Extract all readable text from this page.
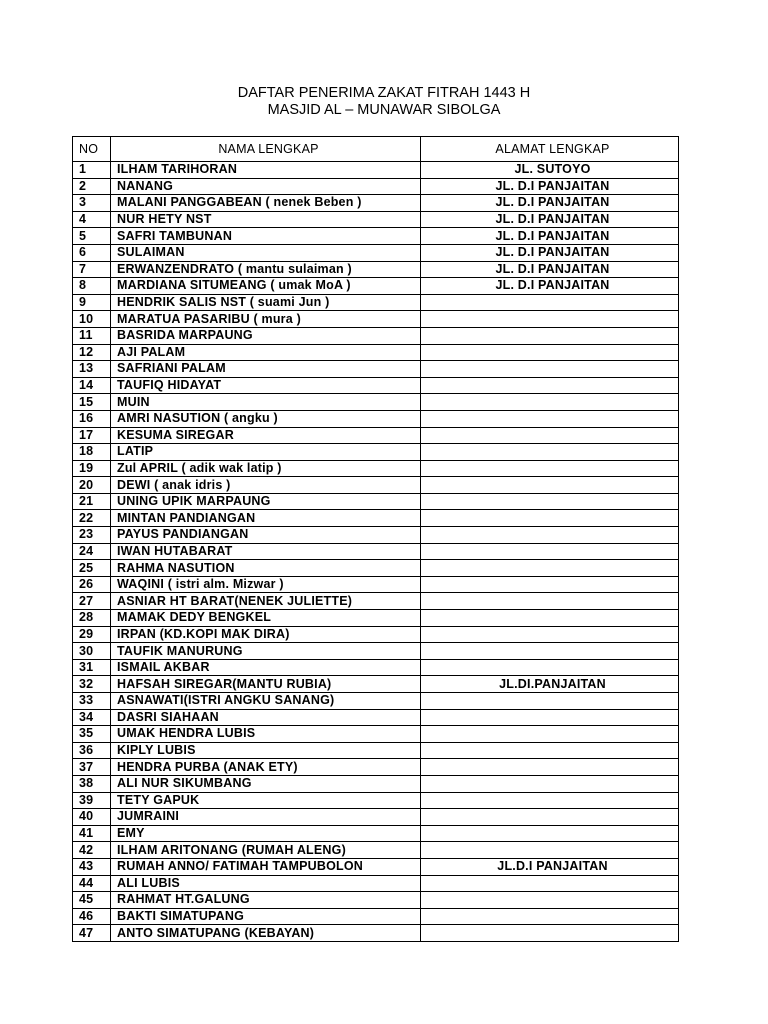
DAFTAR PENERIMA ZAKAT FITRAH 1443 H
MASJID AL – MUNAWAR SIBOLGA
NO	NAMA LENGKAP	ALAMAT LENGKAP
1	ILHAM TARIHORAN	JL. SUTOYO
2	NANANG	JL. D.I PANJAITAN
3	MALANI PANGGABEAN ( nenek Beben )	JL. D.I PANJAITAN
4	NUR HETY NST	JL. D.I PANJAITAN
5	SAFRI TAMBUNAN	JL. D.I PANJAITAN
6	SULAIMAN	JL. D.I PANJAITAN
7	ERWANZENDRATO ( mantu sulaiman )	JL. D.I PANJAITAN
8	MARDIANA SITUMEANG ( umak MoA )	JL. D.I PANJAITAN
9	HENDRIK SALIS NST ( suami Jun )	
10	MARATUA PASARIBU ( mura )	
11	BASRIDA MARPAUNG	
12	AJI PALAM	
13	SAFRIANI PALAM	
14	TAUFIQ HIDAYAT	
15	MUIN	
16	AMRI NASUTION ( angku )	
17	KESUMA SIREGAR	
18	LATIP	
19	Zul APRIL ( adik wak latip )	
20	DEWI ( anak idris )	
21	UNING UPIK MARPAUNG	
22	MINTAN PANDIANGAN	
23	PAYUS PANDIANGAN	
24	IWAN HUTABARAT	
25	RAHMA NASUTION	
26	WAQINI ( istri alm. Mizwar )	
27	ASNIAR HT BARAT(NENEK JULIETTE)	
28	MAMAK DEDY BENGKEL	
29	IRPAN (KD.KOPI MAK DIRA)	
30	TAUFIK MANURUNG	
31	ISMAIL AKBAR	
32	HAFSAH SIREGAR(MANTU RUBIA)	JL.DI.PANJAITAN
33	ASNAWATI(ISTRI ANGKU SANANG)	
34	DASRI SIAHAAN	
35	UMAK HENDRA LUBIS	
36	KIPLY LUBIS	
37	HENDRA PURBA (ANAK ETY)	
38	ALI NUR SIKUMBANG	
39	TETY GAPUK	
40	JUMRAINI	
41	EMY	
42	ILHAM ARITONANG (RUMAH ALENG)	
43	RUMAH ANNO/ FATIMAH TAMPUBOLON	JL.D.I PANJAITAN
44	ALI LUBIS	
45	RAHMAT HT.GALUNG	
46	BAKTI SIMATUPANG	
47	ANTO SIMATUPANG (KEBAYAN)	
